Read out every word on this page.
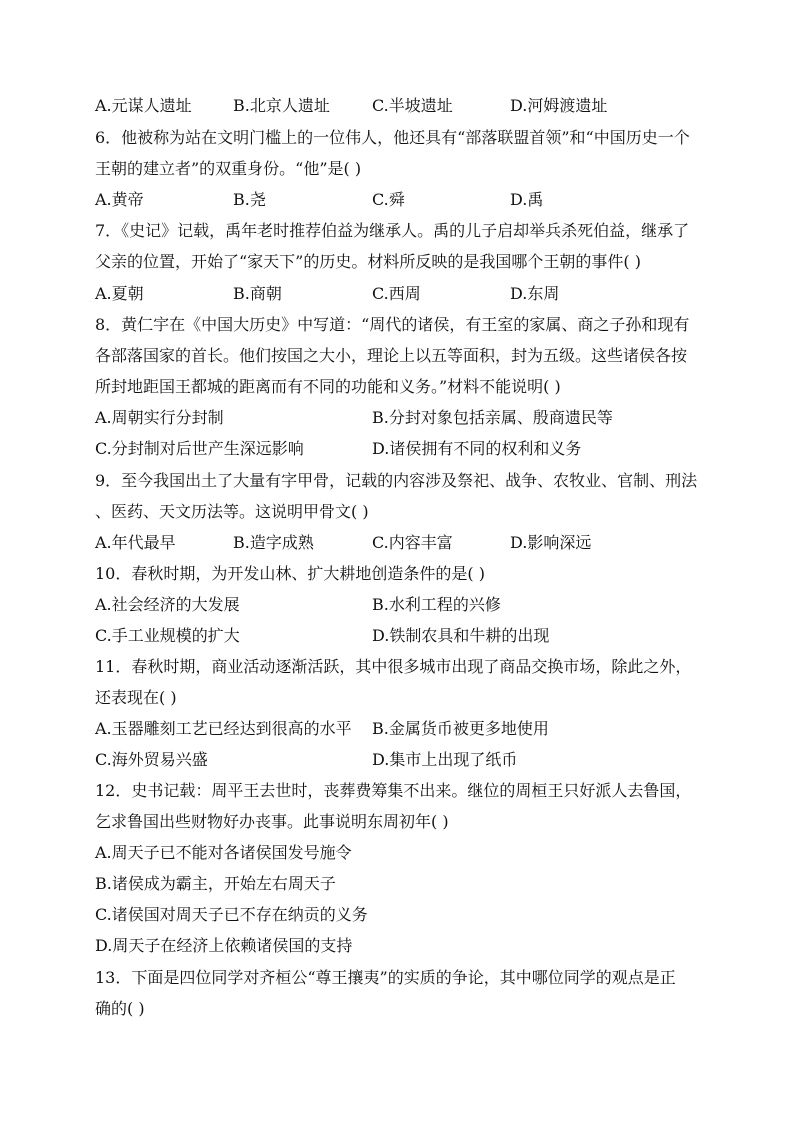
A.元谋人遗址	B.北京人遗址	C.半坡遗址	D.河姆渡遗址
6．他被称为站在文明门槛上的一位伟人，他还具有“部落联盟首领”和“中国历史一个
王朝的建立者”的双重身份。“他”是( )
A.黄帝	B.尧	C.舜	D.禹
7．《史记》记载，禹年老时推荐伯益为继承人。禹的儿子启却举兵杀死伯益，继承了
父亲的位置，开始了“家天下”的历史。材料所反映的是我国哪个王朝的事件( )
A.夏朝	B.商朝	C.西周	D.东周
8．黄仁宇在《中国大历史》中写道：“周代的诸侯，有王室的家属、商之子孙和现有
各部落国家的首长。他们按国之大小，理论上以五等面积，封为五级。这些诸侯各按
所封地距国王都城的距离而有不同的功能和义务。”材料不能说明( )
A.周朝实行分封制	B.分封对象包括亲属、殷商遗民等
C.分封制对后世产生深远影响	D.诸侯拥有不同的权利和义务
9．至今我国出土了大量有字甲骨，记载的内容涉及祭祀、战争、农牧业、官制、刑法
、医药、天文历法等。这说明甲骨文( )
A.年代最早	B.造字成熟	C.内容丰富	D.影响深远
10．春秋时期，为开发山林、扩大耕地创造条件的是( )
A.社会经济的大发展	B.水利工程的兴修
C.手工业规模的扩大	D.铁制农具和牛耕的出现
11．春秋时期，商业活动逐渐活跃，其中很多城市出现了商品交换市场，除此之外，
还表现在( )
A.玉器雕刻工艺已经达到很高的水平 B.金属货币被更多地使用
C.海外贸易兴盛	D.集市上出现了纸币
12．史书记载：周平王去世时，丧葬费筹集不出来。继位的周桓王只好派人去鲁国，
乞求鲁国出些财物好办丧事。此事说明东周初年( )
A.周天子已不能对各诸侯国发号施令
B.诸侯成为霸主，开始左右周天子
C.诸侯国对周天子已不存在纳贡的义务
D.周天子在经济上依赖诸侯国的支持
13．下面是四位同学对齐桓公“尊王攘夷”的实质的争论，其中哪位同学的观点是正
确的( )
